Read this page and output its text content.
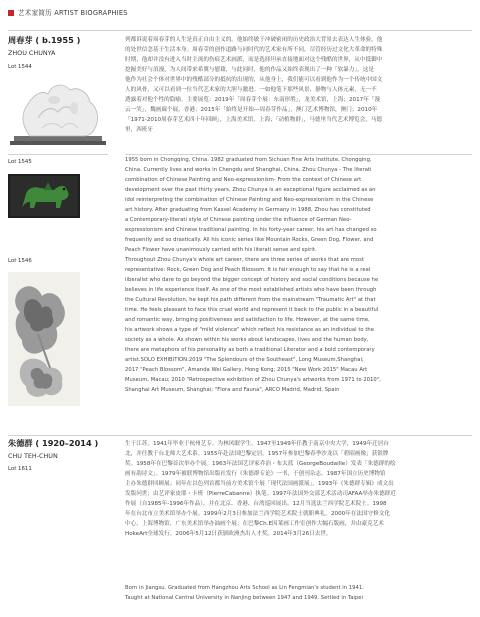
艺术家简历 ARTIST BIOGRAPHIES
周春芽 ( b.1955 )
ZHOU CHUNYA
Lot 1544
列都诉说着周春芽的人生是真正自由主义的。他始终敏于冲破密闭的历史政治大背景去表达人生体验，他
的处世信念基于生活本身。周春芽的创作道路与同时代的艺术家有所不同，尽管经历过文化大革命的特殊
时期，他却并没有进入当时主流的伤痕艺术画派，而是选择坦承直接地面对这个残酷的世界，从中抵御中
挖掘美好与浪漫，为人间带来希冀与慰藉，与此同时，他的作品又始终表现出了一种「软暴力」，这是
他作为社会个体对世界中的残酷部分的抵抗的出现的，从他身上，我们能可以看到他作为一个传统中国文
人的风骨，又可以看到一位当代艺术家的大胆与激进。一如他笔下那些风景、静物与人体元素，无一不
透露着对他个性的隐喻。主要展览：2019年「周春芽个展：东南形胜」，龙美术馆，上海；2017年「漫
云一笑」，魏画廊个展，香港；2015年「始终是开始—周春芽作品」，澳门艺术博物馆，澳门；2010年
「1971-2010周春芽艺术四十年回顾」，上海美术馆，上海；「动植物群」，马德里当代艺术博览会，马德
里，西班牙
Lot 1545
Lot 1546
1955 born in Chongqing, China. 1982 graduated from Sichuan Fine Arts Institute, Chongqing,
China. Currently lives and works in Chengdu and Shanghai, China. Zhou Chunya - The literati
combination of Chinese Painting and Neo-expressionism- From the context of Chinese art
development over the past thirty years, Zhou Chunya is an exceptional figure acclaimed as an
idol reinterpreting the combination of Chinese Painting and Neo-expressionism in the Chinese
art history. After graduating from Kassel Academy in Germany in 1988, Zhou has constituted
a Contemporary-literati style of Chinese painting under the influence of German Neo-
expressionism and Chinese traditional painting. In his forty-year career, his art has changed so
frequently and so drastically. All his iconic series like Mountain Rocks, Green Dog, Flower, and
Peach Flower have unanimously carried with his literati sense and spirit.
Throughout Zhou Chunya's whole art career, there are three series of works that are most
representative: Rock, Green Dog and Peach Blossom. It is fair enough to say that he is a real
liberalist who dare to go beyond the bigger concept of history and social conditions because he
believes in life experience itself. As one of the most established artists who have been through
the Cultural Revolution, he kept his path different from the mainstream "Traumatic Art" at that
time. He feels pleasant to face this cruel world and represent it back to the public in a beautiful
and romantic way, bringing positiveness and satisfaction to life. However, at the same time,
his artwork shows a type of "mild violence" which reflect his resistance as an individual to the
society as a whole. As shown within his works about landscapes, lives and the human body,
there are metaphors of his personality as both a traditional Literator and a bold contemporary
artist.SOLO EXHIBITION:2019 "The Splendours of the Southeast", Long Museum,Shanghai;
2017 "Peach Blossom", Amanda Wei Gallery, Hong Kong; 2015 "New Work 2015" Macau Art
Museum, Macau; 2010 "Retrospective exhibition of Zhou Chunya's artworks from 1971 to 2010",
Shanghai Art Museum, Shanghai; "Flora and Fauna", ARCO Madrid, Madrid, Spain
朱德群 ( 1920–2014 )
CHU TEH-CHUN
Lot 1611
生于江苏。1941年毕业于杭州艺专，为林风眠学生。1947至1949年任教于南京中央大学，1949年迁居台
北，并任教于台北师大艺术系。1955年赴法国巴黎定居。1957年参加巴黎春季沙龙以「碧昭画像」获银牌
奖。1958年在巴黎首次举办个展。1963年法国艺评家乔治・布太蓝（GeorgeBoudaille）发表「朱德群的绘
画有韵诗文」。1979年被联博物馆出版社发行《朱德群专论》一书，于创刊杂志。1987年国立历史博物馆
主办朱德群回顾展；同年在以色列首都当前方美术馆个展「现代法国画派展」。1993年《朱德群专辑》成文出
发版问世；由艺评家皮耶・卡班（PierreCabanne）执笔。1997年法国外交部艺术活动司AFAA举办朱德群近
作展（自1985年-1996年作品），并在北京、香港、台湾巡回展出。12月当选法兰西学院艺术院士。1998
年在台北市立美术馆举办个展。1999年2月3日参加法兰西学院艺术院士就职典礼。2000年在法国守修文化
中心，上海博物馆，广东美术馆举办油画个展；在巴黎Ch.E因莱画工作室创作大幅石版画，并由豪克艺术
HokeArt全球发行。2006年5月12日获颁欧洲杰出人才奖。2014年3月26日去世。
Born in Jiangsu. Graduated from Hangzhou Arts School as Lin Fengmian's student in 1941.
Taught at National Central University in Nanjing between 1947 and 1949. Settled in Taipei
